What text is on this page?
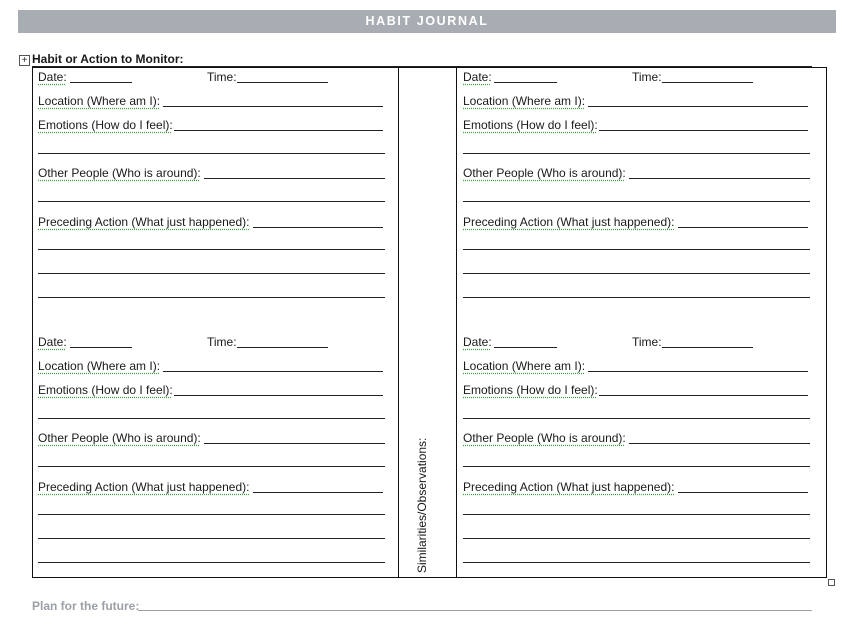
HABIT JOURNAL
+ Habit or Action to Monitor:
Similarities/Observations:
Date:	Time:
Location (Where am I):
Emotions (How do I feel):
Other People (Who is around):
Preceding Action (What just happened):
Date:	Time:
Location (Where am I):
Emotions (How do I feel):
Other People (Who is around):
Preceding Action (What just happened):
Date:	Time:
Location (Where am I):
Emotions (How do I feel):
Other People (Who is around):
Preceding Action (What just happened):
Date:	Time:
Location (Where am I):
Emotions (How do I feel):
Other People (Who is around):
Preceding Action (What just happened):
Plan for the future:
